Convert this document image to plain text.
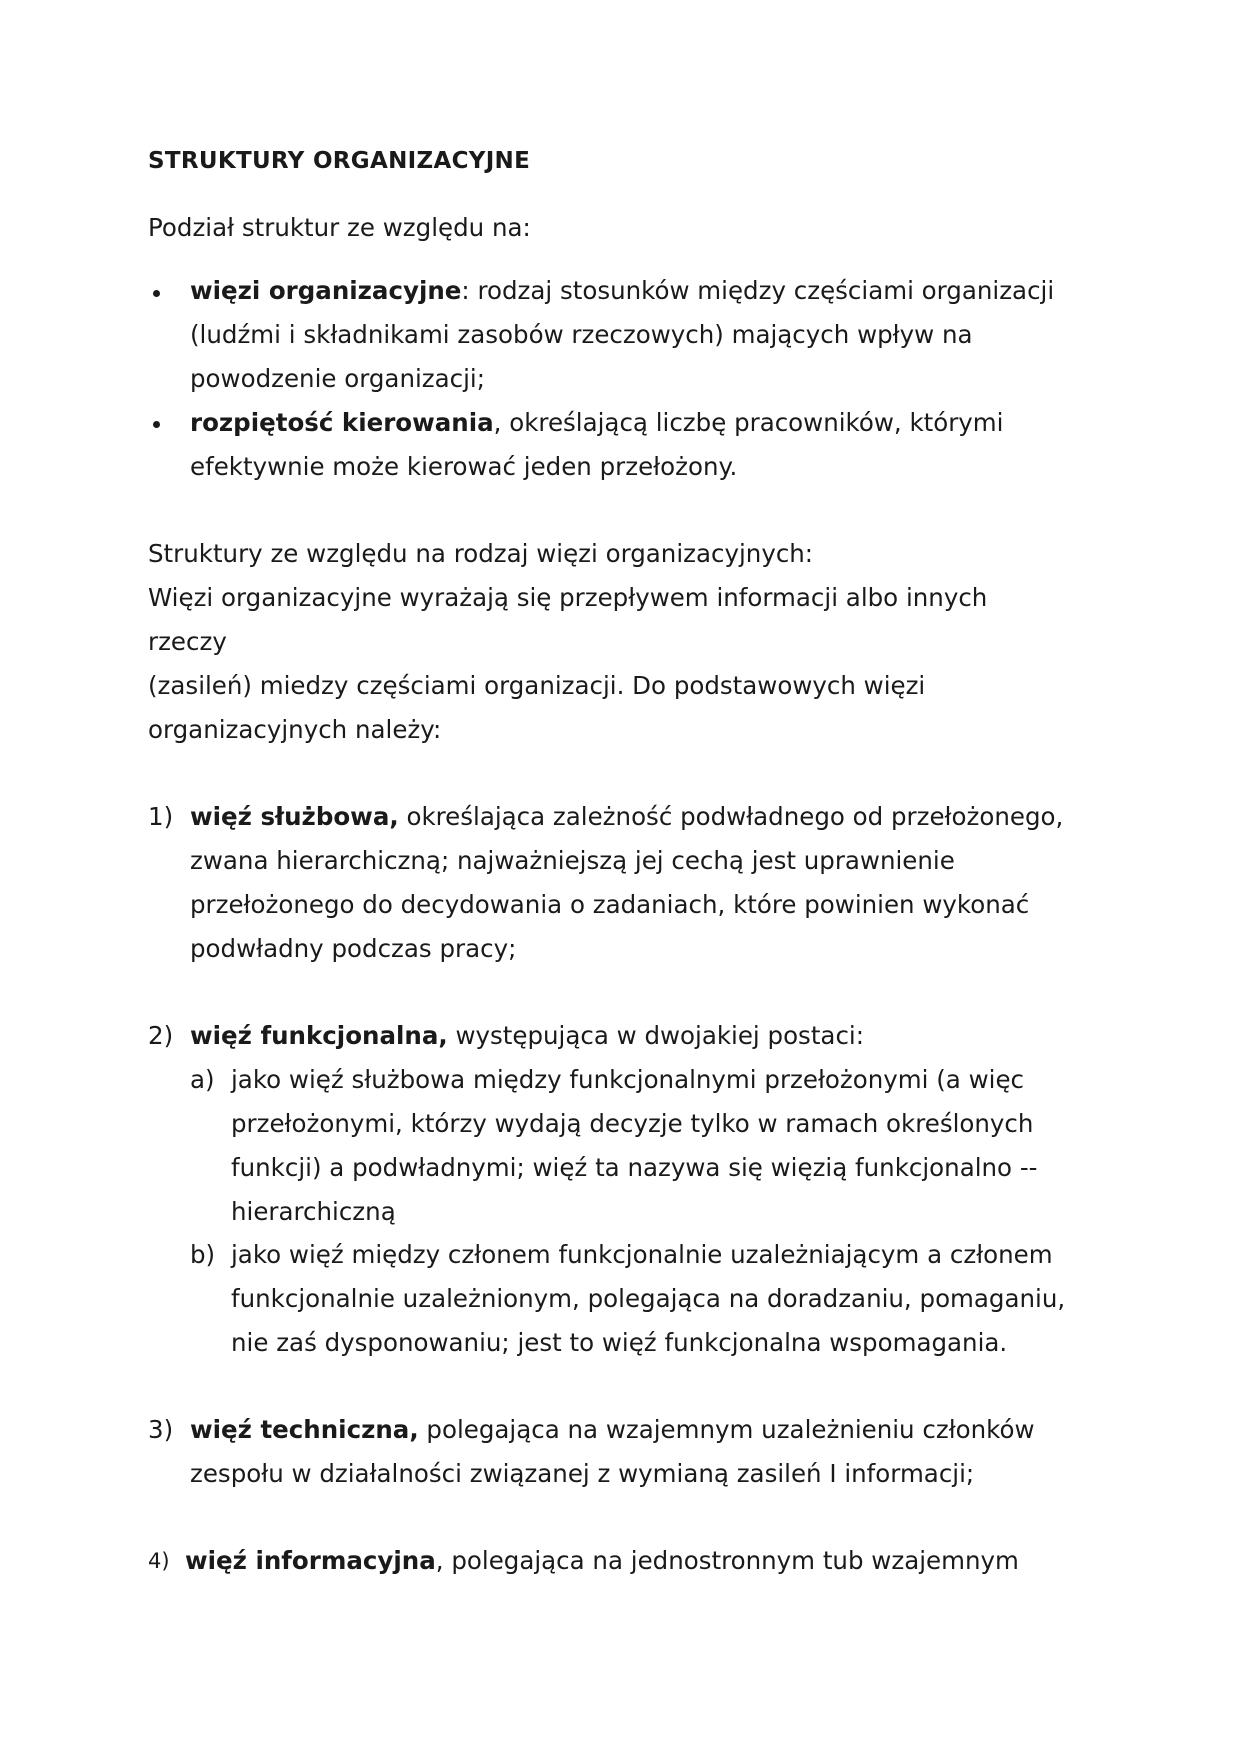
STRUKTURY ORGANIZACYJNE
Podział struktur ze względu na:
więzi organizacyjne: rodzaj stosunków między częściami organizacji
(ludźmi i składnikami zasobów rzeczowych) mających wpływ na
powodzenie organizacji;
rozpiętość kierowania, określającą liczbę pracowników, którymi
efektywnie może kierować jeden przełożony.
Struktury ze względu na rodzaj więzi organizacyjnych:
Więzi organizacyjne wyrażają się przepływem informacji albo innych
rzeczy
(zasileń) miedzy częściami organizacji. Do podstawowych więzi
organizacyjnych należy:
1) więź służbowa, określająca zależność podwładnego od przełożonego,
zwana hierarchiczną; najważniejszą jej cechą jest uprawnienie
przełożonego do decydowania o zadaniach, które powinien wykonać
podwładny podczas pracy;
2) więź funkcjonalna, występująca w dwojakiej postaci:
a) jako więź służbowa między funkcjonalnymi przełożonymi (a więc
przełożonymi, którzy wydają decyzje tylko w ramach określonych
funkcji) a podwładnymi; więź ta nazywa się więzią funkcjonalno --
hierarchiczną
b) jako więź między członem funkcjonalnie uzależniającym a członem
funkcjonalnie uzależnionym, polegająca na doradzaniu, pomaganiu,
nie zaś dysponowaniu; jest to więź funkcjonalna wspomagania.
3) więź techniczna, polegająca na wzajemnym uzależnieniu członków
zespołu w działalności związanej z wymianą zasileń I informacji;
4) więź informacyjna, polegająca na jednostronnym tub wzajemnym
